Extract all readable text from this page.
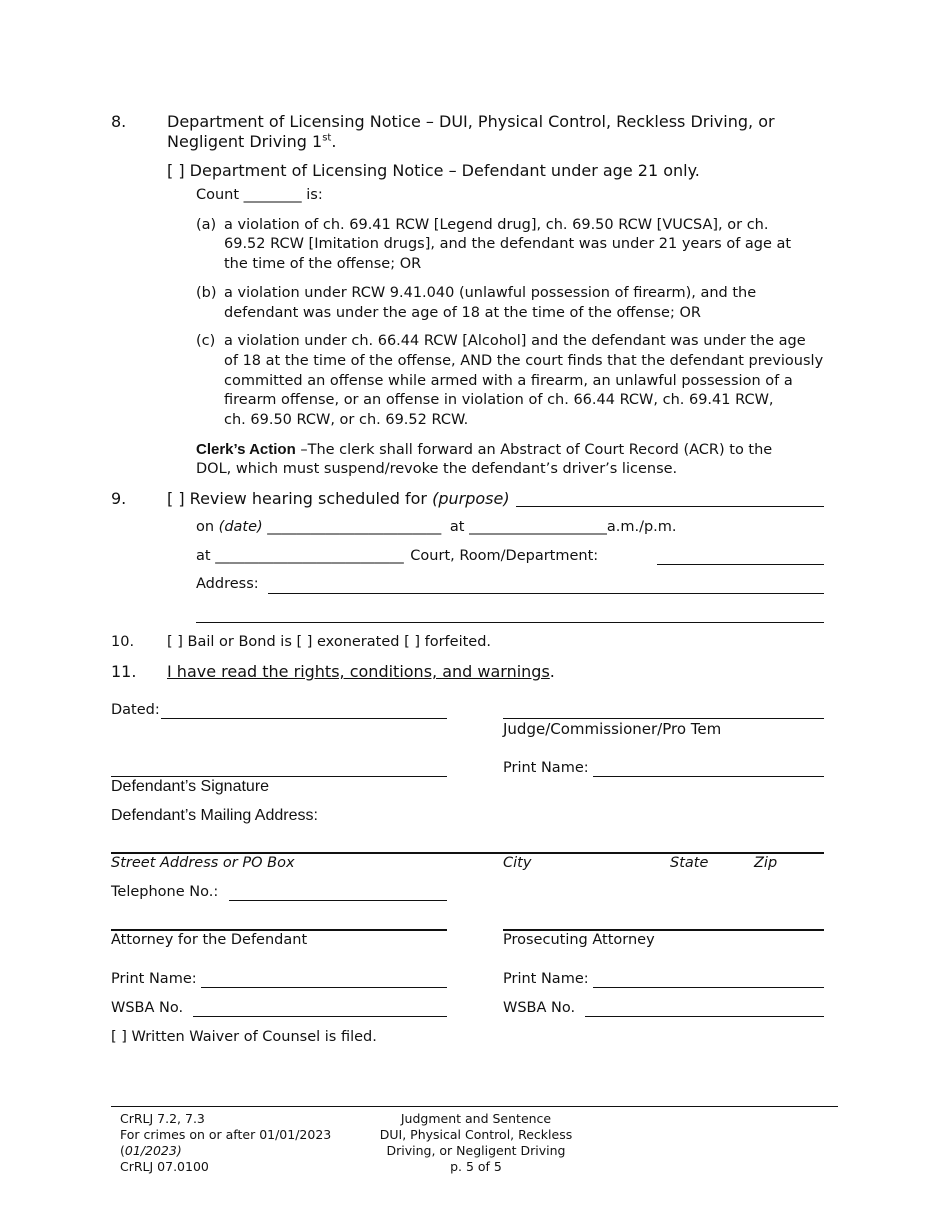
8.	Department of Licensing Notice – DUI, Physical Control, Reckless Driving, or
Negligent Driving 1st.
[ ] Department of Licensing Notice – Defendant under age 21 only.
Count ________ is:
(a) a violation of ch. 69.41 RCW [Legend drug], ch. 69.50 RCW [VUCSA], or ch.
69.52 RCW [Imitation drugs], and the defendant was under 21 years of age at
the time of the offense; OR
(b) a violation under RCW 9.41.040 (unlawful possession of firearm), and the
defendant was under the age of 18 at the time of the offense; OR
(c) a violation under ch. 66.44 RCW [Alcohol] and the defendant was under the age
of 18 at the time of the offense, AND the court finds that the defendant previously
committed an offense while armed with a firearm, an unlawful possession of a
firearm offense, or an offense in violation of ch. 66.44 RCW, ch. 69.41 RCW,
ch. 69.50 RCW, or ch. 69.52 RCW.
Clerk’s Action –The clerk shall forward an Abstract of Court Record (ACR) to the
DOL, which must suspend/revoke the defendant’s driver’s license.
9.	[ ] Review hearing scheduled for (purpose)
on (date) ________________________ at ___________________a.m./p.m.
at __________________________ Court, Room/Department:
Address:
10. [ ] Bail or Bond is [ ] exonerated [ ] forfeited.
11. I have read the rights, conditions, and warnings.
Dated:
Judge/Commissioner/Pro Tem
Print Name:
Defendant’s Signature
Defendant’s Mailing Address:
Street Address or PO Box	City	State	Zip
Telephone No.:
Attorney for the Defendant	Prosecuting Attorney
Print Name:	Print Name:
WSBA No.	WSBA No.
[ ] Written Waiver of Counsel is filed.
CrRLJ 7.2, 7.3
For crimes on or after 01/01/2023
(01/2023)
CrRLJ 07.0100
Judgment and Sentence
DUI, Physical Control, Reckless
Driving, or Negligent Driving
p. 5 of 5
